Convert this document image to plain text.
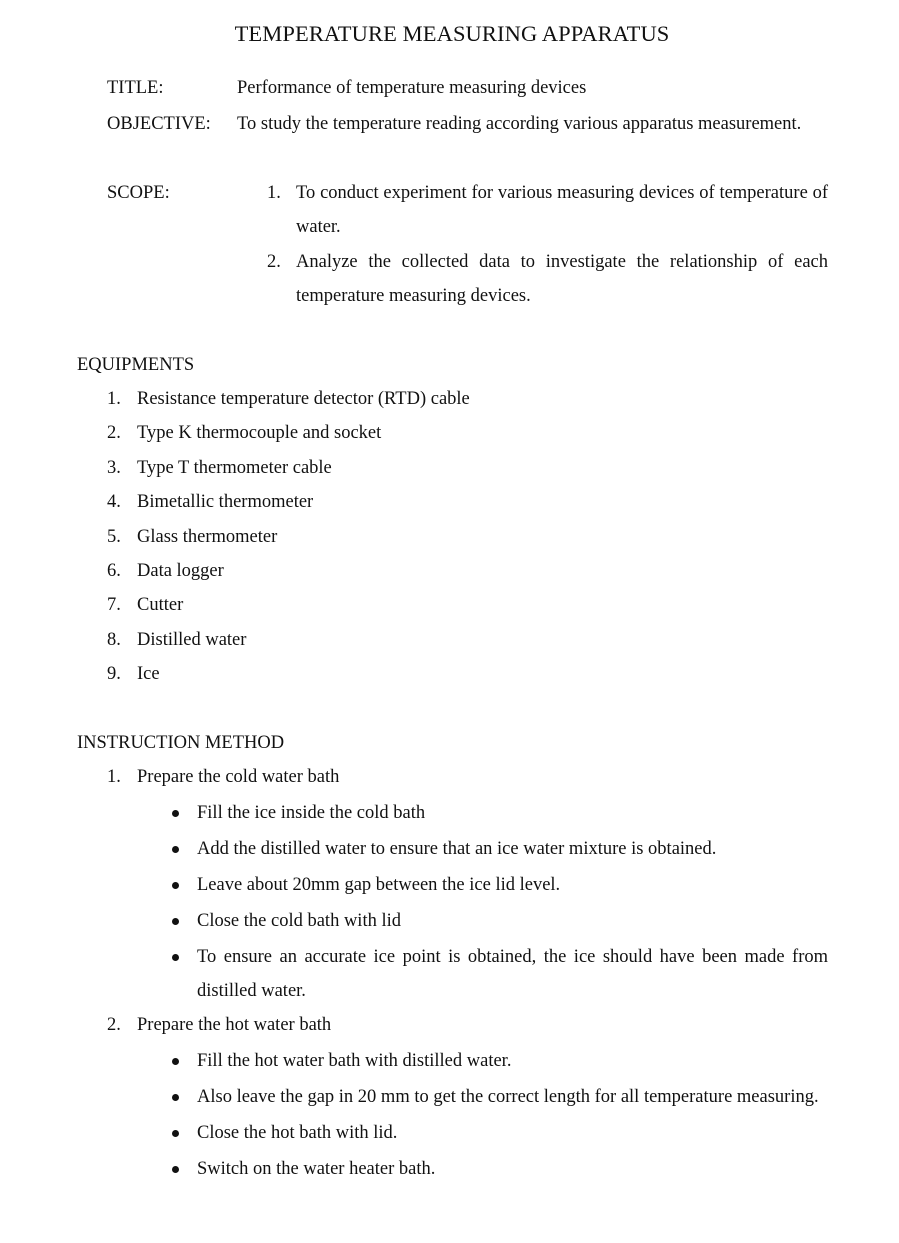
TEMPERATURE MEASURING APPARATUS
TITLE:	Performance of temperature measuring devices
OBJECTIVE: To study the temperature reading according various apparatus measurement.
SCOPE:	1. To conduct experiment for various measuring devices of temperature of water.
2. Analyze the collected data to investigate the relationship of each temperature measuring devices.
EQUIPMENTS
1. Resistance temperature detector (RTD) cable
2. Type K thermocouple and socket
3. Type T thermometer cable
4. Bimetallic thermometer
5. Glass thermometer
6. Data logger
7. Cutter
8. Distilled water
9. Ice
INSTRUCTION METHOD
1. Prepare the cold water bath
Fill the ice inside the cold bath
Add the distilled water to ensure that an ice water mixture is obtained.
Leave about 20mm gap between the ice lid level.
Close the cold bath with lid
To ensure an accurate ice point is obtained, the ice should have been made from distilled water.
2. Prepare the hot water bath
Fill the hot water bath with distilled water.
Also leave the gap in 20 mm to get the correct length for all temperature measuring.
Close the hot bath with lid.
Switch on the water heater bath.
